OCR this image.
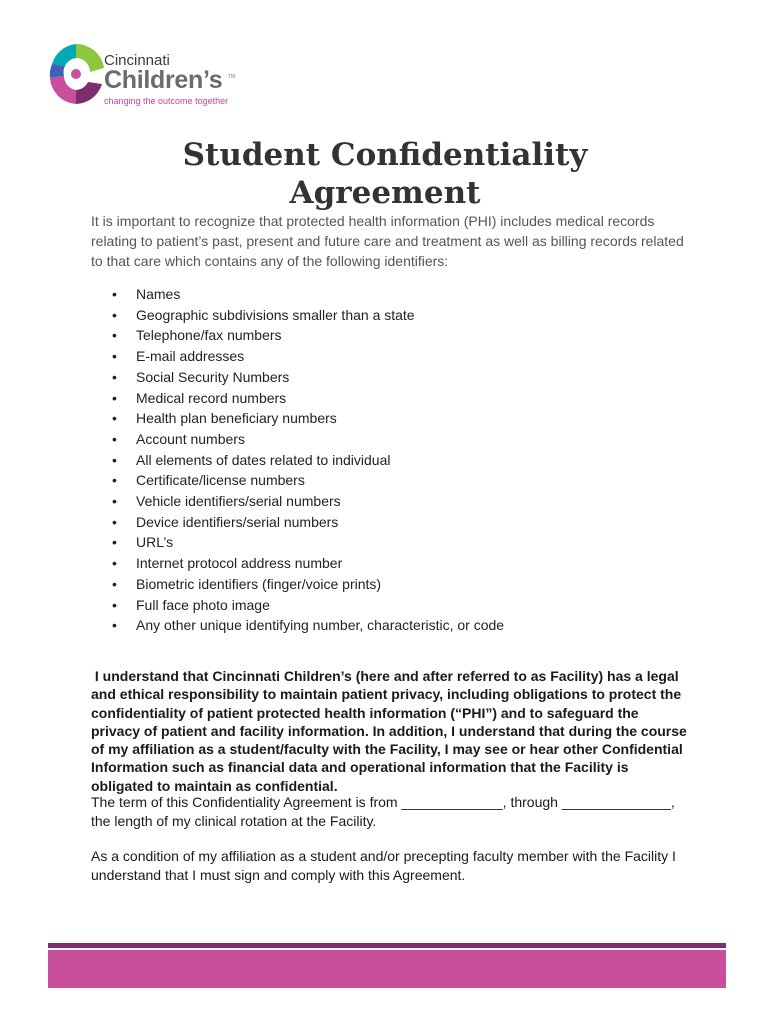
Cincinnati
Children’s TM
changing the outcome together
Student Confidentiality
Agreement

It is important to recognize that protected health information (PHI) includes medical records relating to patient’s past, present and future care and treatment as well as billing records related to that care which contains any of the following identifiers:

• Names
• Geographic subdivisions smaller than a state
• Telephone/fax numbers
• E-mail addresses
• Social Security Numbers
• Medical record numbers
• Health plan beneficiary numbers
• Account numbers
• All elements of dates related to individual
• Certificate/license numbers
• Vehicle identifiers/serial numbers
• Device identifiers/serial numbers
• URL’s
• Internet protocol address number
• Biometric identifiers (finger/voice prints)
• Full face photo image
• Any other unique identifying number, characteristic, or code

I understand that Cincinnati Children’s (here and after referred to as Facility) has a legal and ethical responsibility to maintain patient privacy, including obligations to protect the confidentiality of patient protected health information (“PHI”) and to safeguard the privacy of patient and facility information. In addition, I understand that during the course of my affiliation as a student/faculty with the Facility, I may see or hear other Confidential Information such as financial data and operational information that the Facility is obligated to maintain as confidential.

The term of this Confidentiality Agreement is from _____________, through ______________, the length of my clinical rotation at the Facility.

As a condition of my affiliation as a student and/or precepting faculty member with the Facility I understand that I must sign and comply with this Agreement.
